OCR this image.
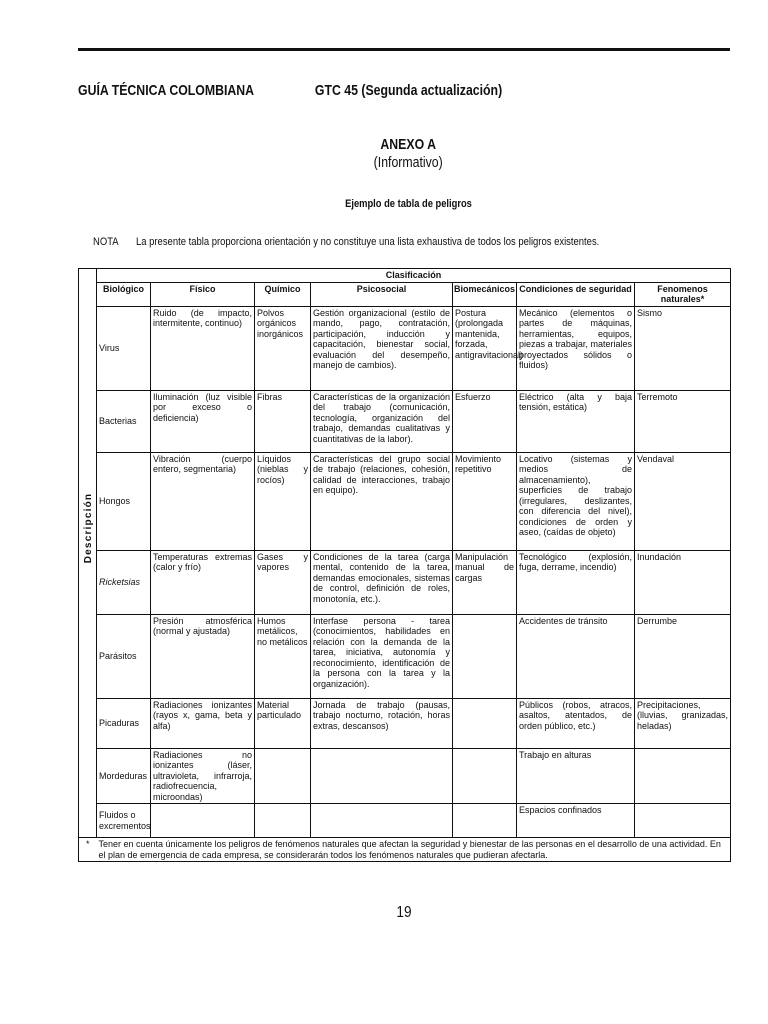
GUÍA TÉCNICA COLOMBIANA	GTC 45 (Segunda actualización)
ANEXO A
(Informativo)
Ejemplo de tabla de peligros
NOTA La presente tabla proporciona orientación y no constituye una lista exhaustiva de todos los peligros existentes.
Descripción	Clasificación						
	Biológico	Físico	Químico	Psicosocial	Biomecánicos	Condiciones de seguridad	Fenomenos naturales*
	Virus	Ruido (de impacto, intermitente, continuo)	Polvos orgánicos inorgánicos	Gestión organizacional (estilo de mando, pago, contratación, participación, inducción y capacitación, bienestar social, evaluación del desempeño, manejo de cambios).	Postura (prolongada mantenida, forzada, antigravitacional)	Mecánico (elementos o partes de máquinas, herramientas, equipos, piezas a trabajar, materiales proyectados sólidos o fluidos)	Sismo
	Bacterias	Iluminación (luz visible por exceso o deficiencia)	Fibras	Características de la organización del trabajo (comunicación, tecnología, organización del trabajo, demandas cualitativas y cuantitativas de la labor).	Esfuerzo	Eléctrico (alta y baja tensión, estática)	Terremoto
	Hongos	Vibración (cuerpo entero, segmentaria)	Líquidos (nieblas y rocíos)	Características del grupo social de trabajo (relaciones, cohesión, calidad de interacciones, trabajo en equipo).	Movimiento repetitivo	Locativo (sistemas y medios de almacenamiento), superficies de trabajo (irregulares, deslizantes, con diferencia del nivel), condiciones de orden y aseo, (caídas de objeto)	Vendaval
	Ricketsias	Temperaturas extremas (calor y frío)	Gases y vapores	Condiciones de la tarea (carga mental, contenido de la tarea, demandas emocionales, sistemas de control, definición de roles, monotonía, etc.).	Manipulación manual de cargas	Tecnológico (explosión, fuga, derrame, incendio)	Inundación
	Parásitos	Presión atmosférica (normal y ajustada)	Humos metálicos, no metálicos	Interfase persona - tarea (conocimientos, habilidades en relación con la demanda de la tarea, iniciativa, autonomía y reconocimiento, identificación de la persona con la tarea y la organización).		Accidentes de tránsito	Derrumbe
	Picaduras	Radiaciones ionizantes (rayos x, gama, beta y alfa)	Material particulado	Jornada de trabajo (pausas, trabajo nocturno, rotación, horas extras, descansos)		Públicos (robos, atracos, asaltos, atentados, de orden público, etc.)	Precipitaciones, (lluvias, granizadas, heladas)
	Mordeduras	Radiaciones no ionizantes (láser, ultravioleta, infrarroja, radiofrecuencia, microondas)				Trabajo en alturas	
	Fluidos o excrementos					Espacios confinados	
*	Tener en cuenta únicamente los peligros de fenómenos naturales que afectan la seguridad y bienestar de las personas en el desarrollo de una actividad. En el plan de emergencia de cada empresa, se considerarán todos los fenómenos naturales que pudieran afectarla.						
19
